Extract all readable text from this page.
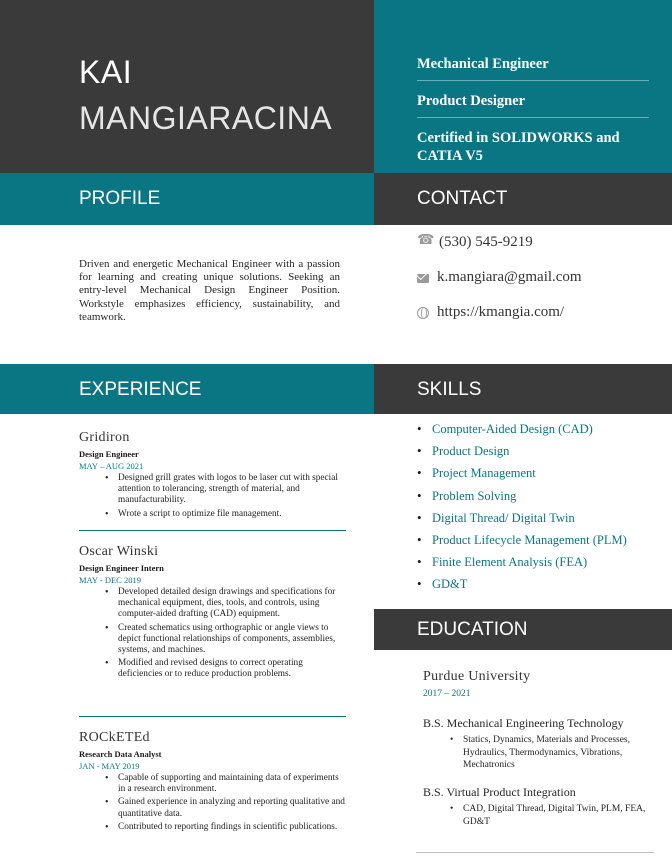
KAI
MANGIARACINA
Mechanical Engineer
Product Designer
Certified in SOLIDWORKS and CATIA V5
PROFILE	CONTACT
Driven and energetic Mechanical Engineer with a passion for learning and creating unique solutions. Seeking an entry-level Mechanical Design Engineer Position. Workstyle emphasizes efficiency, sustainability, and teamwork.
☎
(530) 545-9219
k.mangiara@gmail.com
https://kmangia.com/
EXPERIENCE	SKILLS
Gridiron
Design Engineer
MAY – AUG 2021
• Designed grill grates with logos to be laser cut with special attention to tolerancing, strength of material, and manufacturability.
• Wrote a script to optimize file management.
Oscar Winski
Design Engineer Intern
MAY - DEC 2019
• Developed detailed design drawings and specifications for mechanical equipment, dies, tools, and controls, using computer-aided drafting (CAD) equipment.
• Created schematics using orthographic or angle views to depict functional relationships of components, assemblies, systems, and machines.
• Modified and revised designs to correct operating deficiencies or to reduce production problems.
ROCkETEd
Research Data Analyst
JAN - MAY 2019
• Capable of supporting and maintaining data of experiments in a research environment.
• Gained experience in analyzing and reporting qualitative and quantitative data.
• Contributed to reporting findings in scientific publications.
• Computer-Aided Design (CAD)
• Product Design
• Project Management
• Problem Solving
• Digital Thread/ Digital Twin
• Product Lifecycle Management (PLM)
• Finite Element Analysis (FEA)
• GD&T
EDUCATION
Purdue University
2017 – 2021
B.S. Mechanical Engineering Technology
• Statics, Dynamics, Materials and Processes, Hydraulics, Thermodynamics, Vibrations, Mechatronics
B.S. Virtual Product Integration
• CAD, Digital Thread, Digital Twin, PLM, FEA, GD&T
